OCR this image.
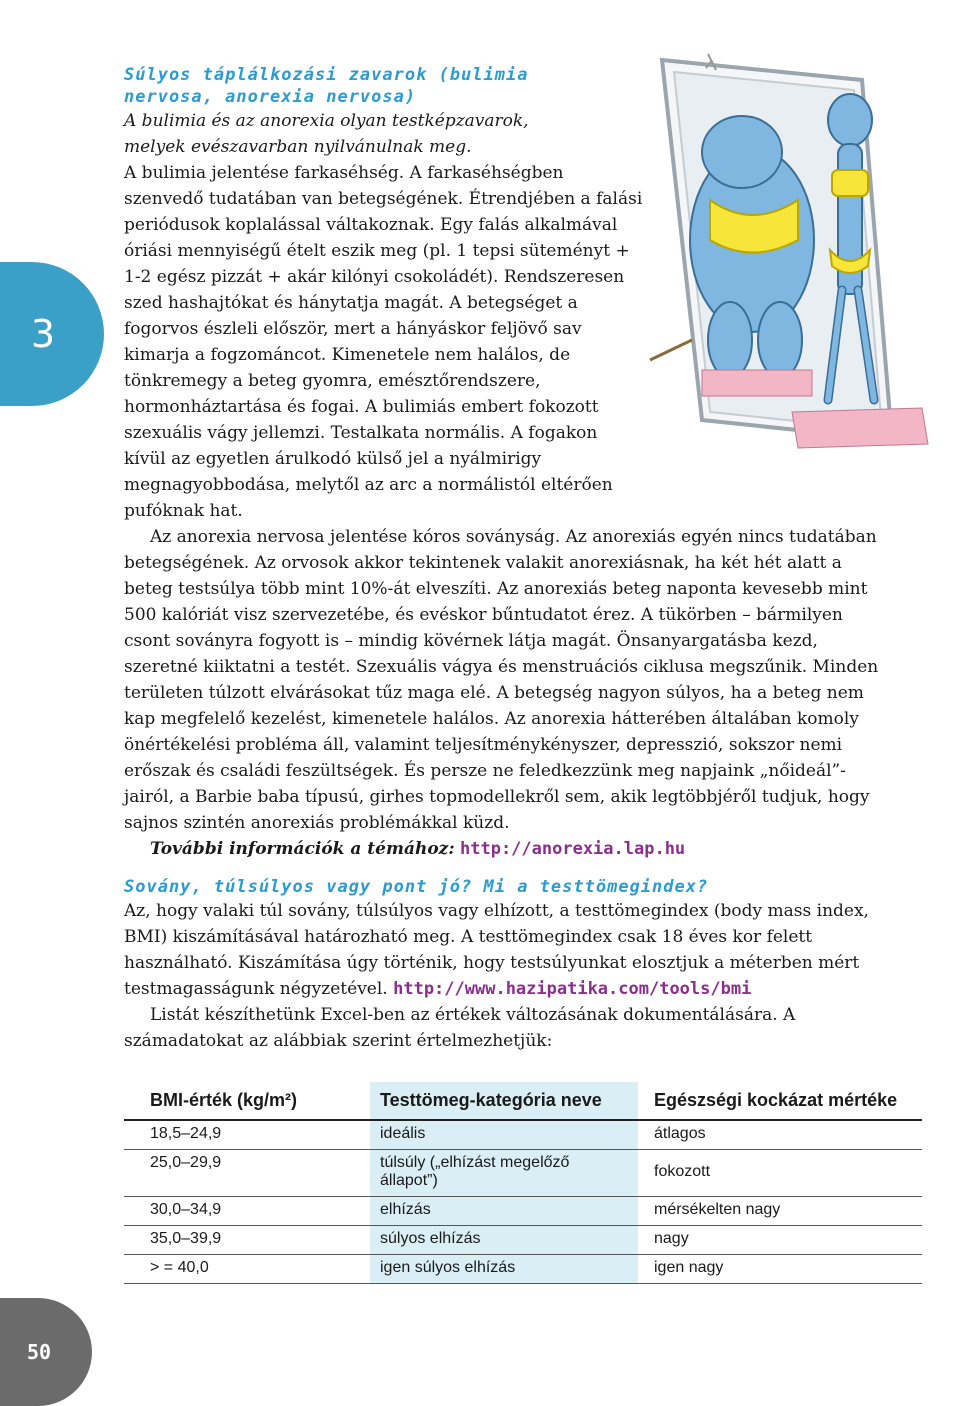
3
50
Súlyos táplálkozási zavarok (bulimia nervosa, anorexia nervosa)

A bulimia és az anorexia olyan testképzavarok,

melyek evészavarban nyilvánulnak meg.

A bulimia jelentése farkaséhség. A farkaséhségben szenvedő tudatában van betegségének. Étrendjében a falási periódusok koplalással váltakoznak. Egy falás alkalmával óriási mennyiségű ételt eszik meg (pl. 1 tepsi süteményt + 1-2 egész pizzát + akár kilónyi csokoládét). Rendszeresen szed hashajtókat és hánytatja magát. A betegséget a fogorvos észleli először, mert a hányáskor feljövő sav kimarja a fogzománcot. Kimenetele nem halálos, de tönkremegy a beteg gyomra, emésztőrendszere, hormonháztartása és fogai. A bulimiás embert fokozott szexuális vágy jellemzi. Testalkata normális. A fogakon kívül az egyetlen árulkodó külső jel a nyálmirigy megnagyobbodása, melytől az arc a normálistól eltérően pufóknak hat.

Az anorexia nervosa jelentése kóros soványság. Az anorexiás egyén nincs tudatában betegségének. Az orvosok akkor tekintenek valakit anorexiásnak, ha két hét alatt a beteg testsúlya több mint 10%-át elveszíti. Az anorexiás beteg naponta kevesebb mint 500 kalóriát visz szervezetébe, és evéskor bűntudatot érez. A tükörben – bármilyen csont soványra fogyott is – mindig kövérnek látja magát. Önsanyargatásba kezd, szeretné kiiktatni a testét. Szexuális vágya és menstruációs ciklusa megszűnik. Minden területen túlzott elvárásokat tűz maga elé. A betegség nagyon súlyos, ha a beteg nem kap megfelelő kezelést, kimenetele halálos. Az anorexia hátterében általában komoly önértékelési probléma áll, valamint teljesítménykényszer, depresszió, sokszor nemi erőszak és családi feszültségek. És persze ne feledkezzünk meg napjaink „nőideál”-jairól, a Barbie baba típusú, girhes topmodellekről sem, akik legtöbbjéről tudjuk, hogy sajnos szintén anorexiás problémákkal küzd.

További információk a témához: http://anorexia.lap.hu

Sovány, túlsúlyos vagy pont jó? Mi a testtömegindex?

Az, hogy valaki túl sovány, túlsúlyos vagy elhízott, a testtömegindex (body mass index, BMI) kiszámításával határozható meg. A testtömegindex csak 18 éves kor felett használható. Kiszámítása úgy történik, hogy testsúlyunkat elosztjuk a méterben mért testmagasságunk négyzetével. http://www.hazipatika.com/tools/bmi

Listát készíthetünk Excel-ben az értékek változásának dokumentálására. A számadatokat az alábbiak szerint értelmezhetjük:

BMI-érték (kg/m²)	Testtömeg-kategória neve	Egészségi kockázat mértéke
18,5–24,9	ideális	átlagos
25,0–29,9	túlsúly („elhízást megelőző állapot”)	fokozott
30,0–34,9	elhízás	mérsékelten nagy
35,0–39,9	súlyos elhízás	nagy
> = 40,0	igen súlyos elhízás	igen nagy
